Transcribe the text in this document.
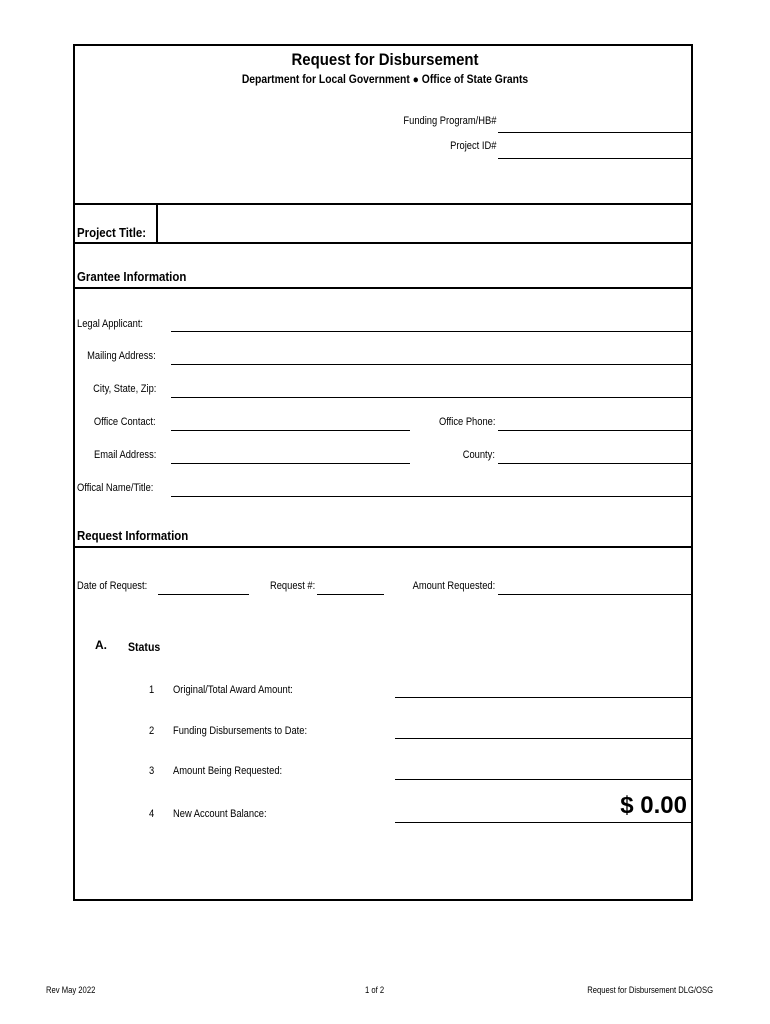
Request for Disbursement
Department for Local Government ● Office of State Grants
Funding Program/HB#
Project ID#
Project Title:
Grantee Information
Legal Applicant:
Mailing Address:
City, State, Zip:
Office Contact:	Office Phone:
Email Address:	County:
Offical Name/Title:
Request Information
Date of Request:	Request #:	Amount Requested:
A. Status
1 Original/Total Award Amount:
2 Funding Disbursements to Date:
3 Amount Being Requested:
4 New Account Balance:	$ 0.00
Rev May 2022	1 of 2	Request for Disbursement DLG/OSG
